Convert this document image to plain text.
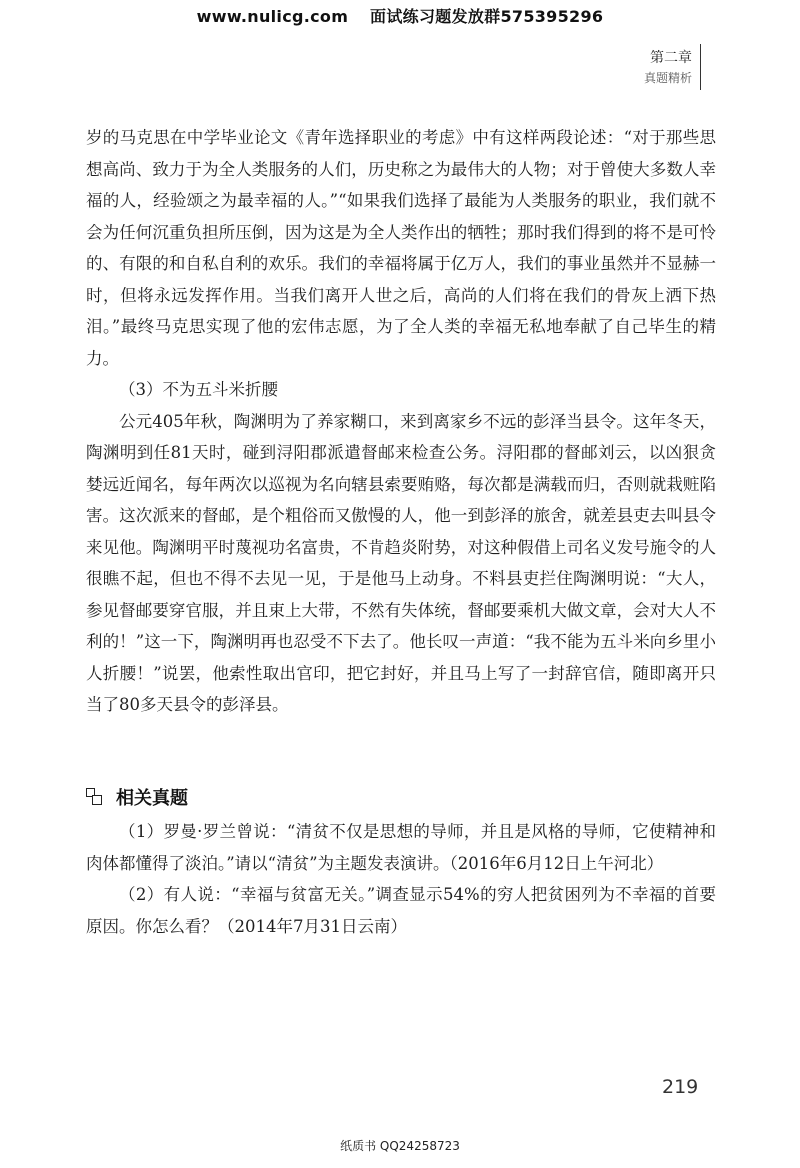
www.nulicg.com 面试练习题发放群575395296
第二章
真题精析

岁的马克思在中学毕业论文《青年选择职业的考虑》中有这样两段论述：“对于那些思想高尚、致力于为全人类服务的人们，历史称之为最伟大的人物；对于曾使大多数人幸福的人，经验颂之为最幸福的人。”“如果我们选择了最能为人类服务的职业，我们就不会为任何沉重负担所压倒，因为这是为全人类作出的牺牲；那时我们得到的将不是可怜的、有限的和自私自利的欢乐。我们的幸福将属于亿万人，我们的事业虽然并不显赫一时，但将永远发挥作用。当我们离开人世之后，高尚的人们将在我们的骨灰上洒下热泪。”最终马克思实现了他的宏伟志愿，为了全人类的幸福无私地奉献了自己毕生的精力。

（3）不为五斗米折腰

公元405年秋，陶渊明为了养家糊口，来到离家乡不远的彭泽当县令。这年冬天，陶渊明到任81天时，碰到浔阳郡派遣督邮来检查公务。浔阳郡的督邮刘云，以凶狠贪婪远近闻名，每年两次以巡视为名向辖县索要贿赂，每次都是满载而归，否则就栽赃陷害。这次派来的督邮，是个粗俗而又傲慢的人，他一到彭泽的旅舍，就差县吏去叫县令来见他。陶渊明平时蔑视功名富贵，不肯趋炎附势，对这种假借上司名义发号施令的人很瞧不起，但也不得不去见一见，于是他马上动身。不料县吏拦住陶渊明说：“大人，参见督邮要穿官服，并且束上大带，不然有失体统，督邮要乘机大做文章，会对大人不利的！”这一下，陶渊明再也忍受不下去了。他长叹一声道：“我不能为五斗米向乡里小人折腰！”说罢，他索性取出官印，把它封好，并且马上写了一封辞官信，随即离开只当了80多天县令的彭泽县。

相关真题

（1）罗曼·罗兰曾说：“清贫不仅是思想的导师，并且是风格的导师，它使精神和肉体都懂得了淡泊。”请以“清贫”为主题发表演讲。（2016年6月12日上午河北）

（2）有人说：“幸福与贫富无关。”调查显示54%的穷人把贫困列为不幸福的首要原因。你怎么看？（2014年7月31日云南）

219
纸质书 QQ24258723
